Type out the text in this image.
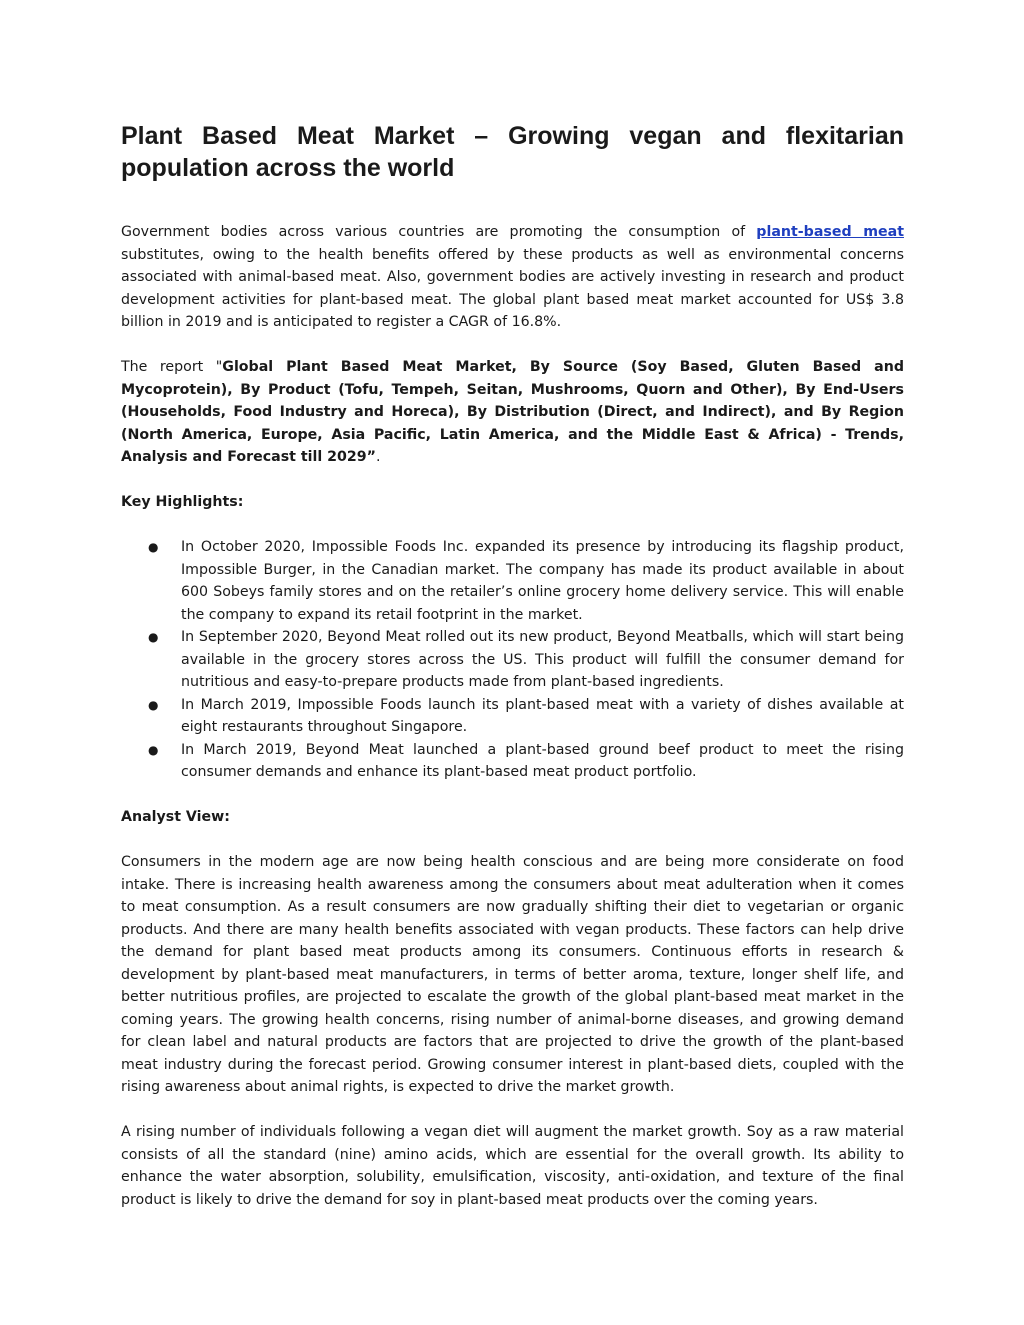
Plant Based Meat Market – Growing vegan and flexitarian population across the world

Government bodies across various countries are promoting the consumption of plant-based meat substitutes, owing to the health benefits offered by these products as well as environmental concerns associated with animal-based meat. Also, government bodies are actively investing in research and product development activities for plant-based meat. The global plant based meat market accounted for US$ 3.8 billion in 2019 and is anticipated to register a CAGR of 16.8%.

The report "Global Plant Based Meat Market, By Source (Soy Based, Gluten Based and Mycoprotein), By Product (Tofu, Tempeh, Seitan, Mushrooms, Quorn and Other), By End-Users (Households, Food Industry and Horeca), By Distribution (Direct, and Indirect), and By Region (North America, Europe, Asia Pacific, Latin America, and the Middle East & Africa) - Trends, Analysis and Forecast till 2029”.

Key Highlights:
● In October 2020, Impossible Foods Inc. expanded its presence by introducing its flagship product, Impossible Burger, in the Canadian market. The company has made its product available in about 600 Sobeys family stores and on the retailer’s online grocery home delivery service. This will enable the company to expand its retail footprint in the market.
● In September 2020, Beyond Meat rolled out its new product, Beyond Meatballs, which will start being available in the grocery stores across the US. This product will fulfill the consumer demand for nutritious and easy-to-prepare products made from plant-based ingredients.
● In March 2019, Impossible Foods launch its plant-based meat with a variety of dishes available at eight restaurants throughout Singapore.
● In March 2019, Beyond Meat launched a plant-based ground beef product to meet the rising consumer demands and enhance its plant-based meat product portfolio.
Analyst View:

Consumers in the modern age are now being health conscious and are being more considerate on food intake. There is increasing health awareness among the consumers about meat adulteration when it comes to meat consumption. As a result consumers are now gradually shifting their diet to vegetarian or organic products. And there are many health benefits associated with vegan products. These factors can help drive the demand for plant based meat products among its consumers. Continuous efforts in research & development by plant-based meat manufacturers, in terms of better aroma, texture, longer shelf life, and better nutritious profiles, are projected to escalate the growth of the global plant-based meat market in the coming years. The growing health concerns, rising number of animal-borne diseases, and growing demand for clean label and natural products are factors that are projected to drive the growth of the plant-based meat industry during the forecast period. Growing consumer interest in plant-based diets, coupled with the rising awareness about animal rights, is expected to drive the market growth.

A rising number of individuals following a vegan diet will augment the market growth. Soy as a raw material consists of all the standard (nine) amino acids, which are essential for the overall growth. Its ability to enhance the water absorption, solubility, emulsification, viscosity, anti-oxidation, and texture of the final product is likely to drive the demand for soy in plant-based meat products over the coming years.
